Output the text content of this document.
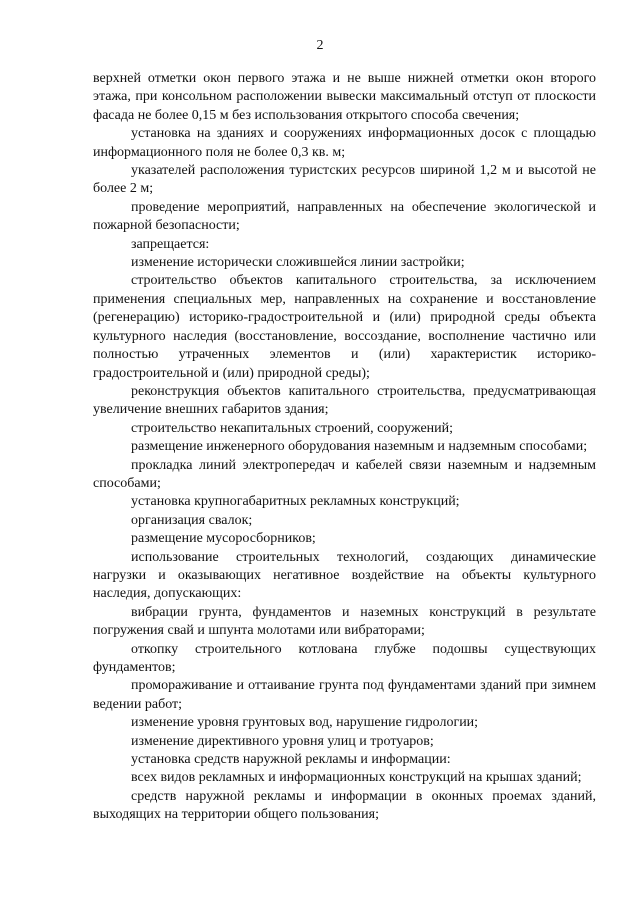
2

верхней отметки окон первого этажа и не выше нижней отметки окон второго этажа, при консольном расположении вывески максимальный отступ от плоскости фасада не более 0,15 м без использования открытого способа свечения;

установка на зданиях и сооружениях информационных досок с площадью информационного поля не более 0,3 кв. м;

указателей расположения туристских ресурсов шириной 1,2 м и высотой не более 2 м;

проведение мероприятий, направленных на обеспечение экологической и пожарной безопасности;

запрещается:

изменение исторически сложившейся линии застройки;

строительство объектов капитального строительства, за исключением применения специальных мер, направленных на сохранение и восстановление (регенерацию) историко-градостроительной и (или) природной среды объекта культурного наследия (восстановление, воссоздание, восполнение частично или полностью утраченных элементов и (или) характеристик историко-градостроительной и (или) природной среды);

реконструкция объектов капитального строительства, предусматривающая увеличение внешних габаритов здания;

строительство некапитальных строений, сооружений;

размещение инженерного оборудования наземным и надземным способами;

прокладка линий электропередач и кабелей связи наземным и надземным способами;

установка крупногабаритных рекламных конструкций;

организация свалок;

размещение мусоросборников;

использование строительных технологий, создающих динамические нагрузки и оказывающих негативное воздействие на объекты культурного наследия, допускающих:

вибрации грунта, фундаментов и наземных конструкций в результате погружения свай и шпунта молотами или вибраторами;

откопку строительного котлована глубже подошвы существующих фундаментов;

промораживание и оттаивание грунта под фундаментами зданий при зимнем ведении работ;

изменение уровня грунтовых вод, нарушение гидрологии;

изменение директивного уровня улиц и тротуаров;

установка средств наружной рекламы и информации:

всех видов рекламных и информационных конструкций на крышах зданий;

средств наружной рекламы и информации в оконных проемах зданий, выходящих на территории общего пользования;
